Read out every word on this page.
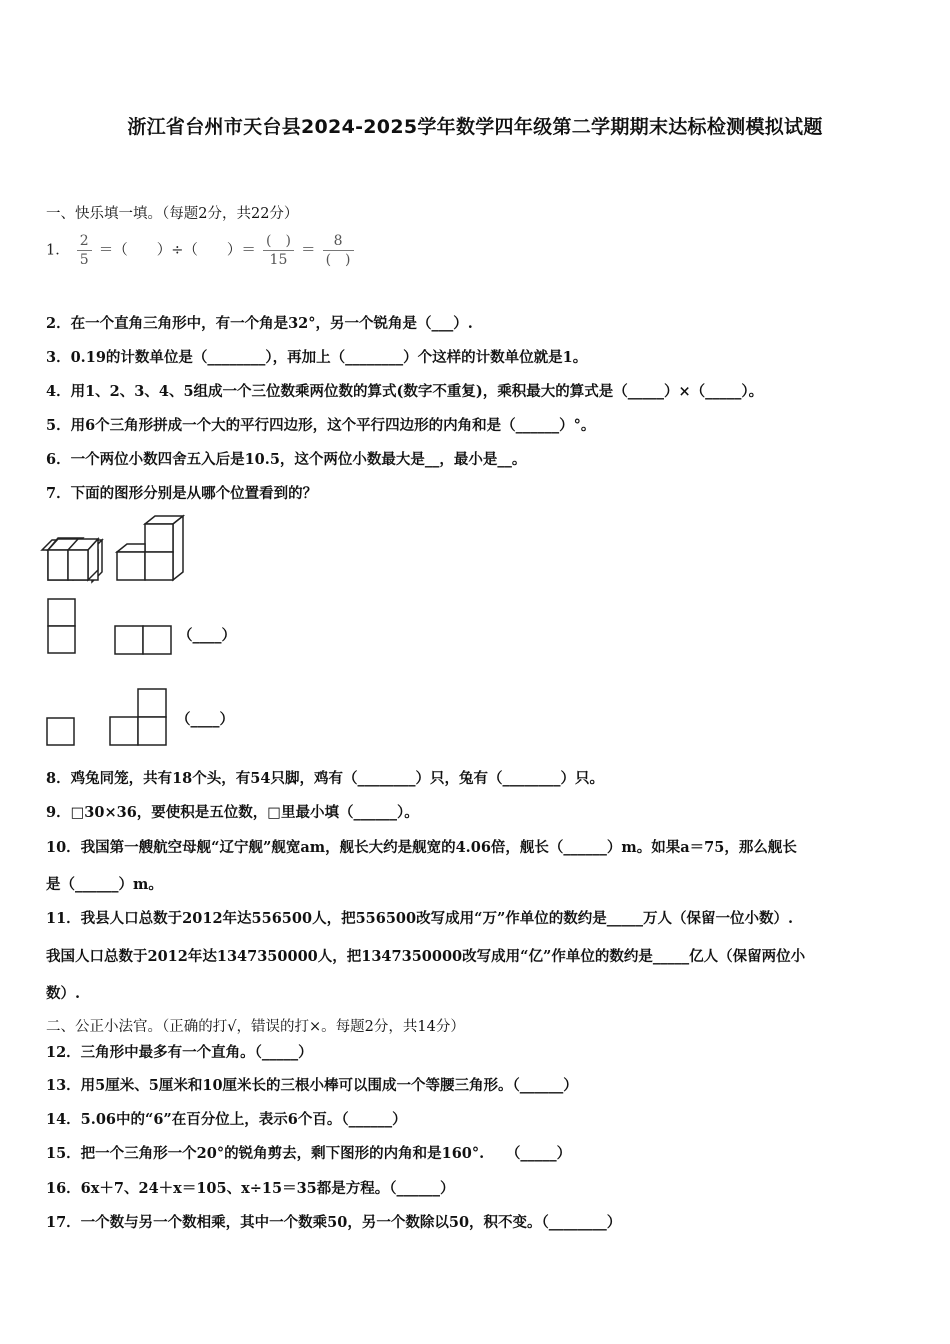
浙江省台州市天台县2024-2025学年数学四年级第二学期期末达标检测模拟试题
一、快乐填一填。（每题2分，共22分）
1． $\frac{2}{5}$ ＝（　　）÷（　　）＝ $\frac{( )}{15} = \frac{8}{( )}$
2．在一个直角三角形中，有一个角是32°，另一个锐角是（___）.
3．0.19的计数单位是（________），再加上（________）个这样的计数单位就是1。
4．用1、2、3、4、5组成一个三位数乘两位数的算式(数字不重复)，乘积最大的算式是（_____）×（_____）。
5．用6个三角形拼成一个大的平行四边形，这个平行四边形的内角和是（______）°。
6．一个两位小数四舍五入后是10.5，这个两位小数最大是__，最小是__。
7．下面的图形分别是从哪个位置看到的？
（____）
（____）
8．鸡兔同笼，共有18个头，有54只脚，鸡有（________）只，兔有（________）只。
9．□30×36，要使积是五位数，□里最小填（______）。
10．我国第一艘航空母舰“辽宁舰”舰宽am，舰长大约是舰宽的4.06倍，舰长（______）m。如果a＝75，那么舰长
是（______）m。
11．我县人口总数于2012年达556500人，把556500改写成用“万”作单位的数约是_____万人（保留一位小数）.
我国人口总数于2012年达1347350000人，把1347350000改写成用“亿”作单位的数约是_____亿人（保留两位小
数）.
二、公正小法官。（正确的打√，错误的打×。每题2分，共14分）
12．三角形中最多有一个直角。（_____）
13．用5厘米、5厘米和10厘米长的三根小棒可以围成一个等腰三角形。（______）
14．5.06中的“6”在百分位上，表示6个百。（______）
15．把一个三角形一个20°的锐角剪去，剩下图形的内角和是160°.　　（_____）
16．6x＋7、24＋x＝105、x÷15＝35都是方程。（______）
17．一个数与另一个数相乘，其中一个数乘50，另一个数除以50，积不变。（________）
